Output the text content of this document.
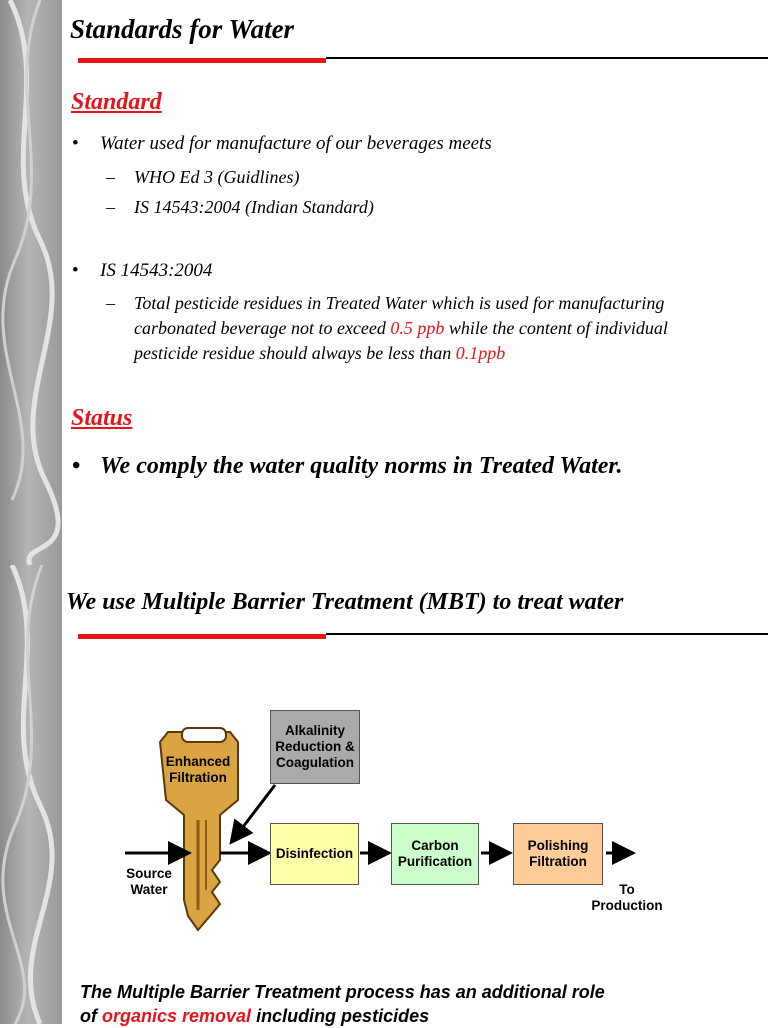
Standards for Water
Standard
• Water used for manufacture of our beverages meets
– WHO Ed 3 (Guidlines)
– IS 14543:2004 (Indian Standard)
• IS 14543:2004
– Total pesticide residues in Treated Water which is used for manufacturing carbonated beverage not to exceed 0.5 ppb while the content of individual pesticide residue should always be less than 0.1ppb
Status
• We comply the water quality norms in Treated Water.
We use Multiple Barrier Treatment (MBT) to treat water
Enhanced Filtration
Alkalinity Reduction & Coagulation
Disinfection
Carbon Purification
Polishing Filtration
Source Water	To Production
The Multiple Barrier Treatment process has an additional role
of organics removal including pesticides
